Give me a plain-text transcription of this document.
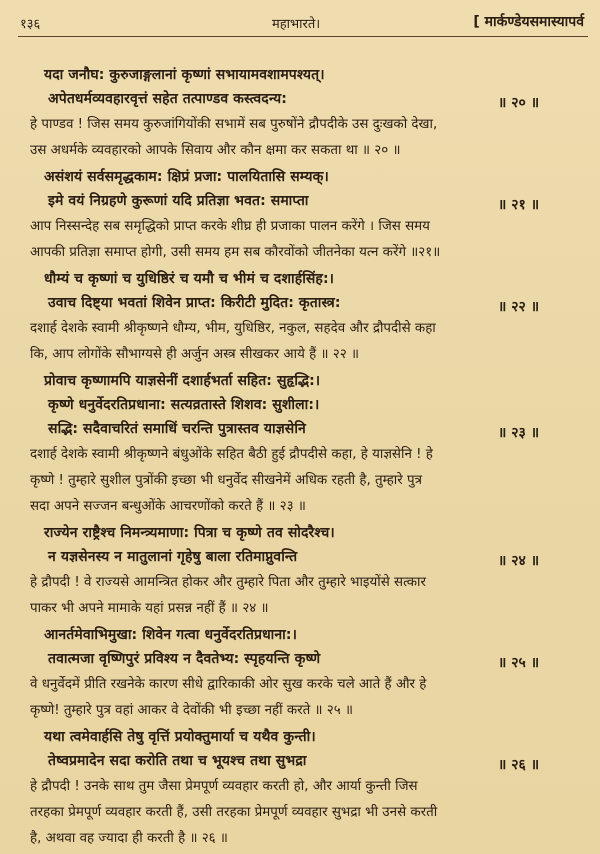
१३६	महाभारते।	[ मार्कण्डेयसमास्यापर्व
यदा जनौघ: कुरुजाङ्गलानां कृष्णां सभायामवशामपश्यत्।
अपेतधर्मव्यवहारवृत्तं सहेत तत्पाण्डव कस्त्वदन्य:	॥ २० ॥
हे पाण्डव ! जिस समय कुरुजांगियोंकी सभामें सब पुरुषोंने द्रौपदीके उस दुःखको देखा,
उस अधर्मके व्यवहारको आपके सिवाय और कौन क्षमा कर सकता था ॥ २० ॥
असंशयं सर्वसमृद्धकाम: क्षिप्रं प्रजा: पालयितासि सम्यक्।
इमे वयं निग्रहणे कुरूणां यदि प्रतिज्ञा भवत: समाप्ता	॥ २१ ॥
आप निस्सन्देह सब समृद्धिको प्राप्त करके शीघ्र ही प्रजाका पालन करेंगे । जिस समय
आपकी प्रतिज्ञा समाप्त होगी, उसी समय हम सब कौरवोंको जीतनेका यत्न करेंगे ॥२१॥
धौम्यं च कृष्णां च युधिष्ठिरं च यमौ च भीमं च दशार्हसिंह:।
उवाच दिष्ट्या भवतां शिवेन प्राप्त: किरीटी मुदित: कृतास्त्र:	॥ २२ ॥
दशार्ह देशके स्वामी श्रीकृष्णने धौम्य, भीम, युधिष्ठिर, नकुल, सहदेव और द्रौपदीसे कहा
कि, आप लोगोंके सौभाग्यसे ही अर्जुन अस्त्र सीखकर आये हैं ॥ २२ ॥
प्रोवाच कृष्णामपि याज्ञसेनीं दशार्हभर्ता सहित: सुहृद्भि:।
कृष्णे धनुर्वेदरतिप्रधाना: सत्यव्रतास्ते शिशव: सुशीला:।
सद्भि: सदैवाचरितं समाधिं चरन्ति पुत्रास्तव याज्ञसेनि	॥ २३ ॥
दशार्ह देशके स्वामी श्रीकृष्णने बंधुओंके सहित बैठी हुई द्रौपदीसे कहा, हे याज्ञसेनि ! हे
कृष्णे ! तुम्हारे सुशील पुत्रोंकी इच्छा भी धनुर्वेद सीखनेमें अधिक रहती है, तुम्हारे पुत्र
सदा अपने सज्जन बन्धुओंके आचरणोंको करते हैं ॥ २३ ॥
राज्येन राष्ट्रैश्च निमन्त्र्यमाणा: पित्रा च कृष्णे तव सोदरैश्च।
न यज्ञसेनस्य न मातुलानां गृहेषु बाला रतिमाप्नुवन्ति	॥ २४ ॥
हे द्रौपदी ! वे राज्यसे आमन्त्रित होकर और तुम्हारे पिता और तुम्हारे भाइयोंसे सत्कार
पाकर भी अपने मामाके यहां प्रसन्न नहीं हैं ॥ २४ ॥
आनर्तमेवाभिमुखा: शिवेन गत्वा धनुर्वेदरतिप्रधाना:।
तवात्मजा वृष्णिपुरं प्रविश्य न दैवतेभ्य: स्पृहयन्ति कृष्णे	॥ २५ ॥
वे धनुर्वेदमें प्रीति रखनेके कारण सीधे द्वारिकाकी ओर सुख करके चले आते हैं और हे
कृष्णे! तुम्हारे पुत्र वहां आकर वे देवोंकी भी इच्छा नहीं करते ॥ २५ ॥
यथा त्वमेवार्हसि तेषु वृत्तिं प्रयोक्तुमार्या च यथैव कुन्ती।
तेष्वप्रमादेन सदा करोति तथा च भूयश्च तथा सुभद्रा	॥ २६ ॥
हे द्रौपदी ! उनके साथ तुम जैसा प्रेमपूर्ण व्यवहार करती हो, और आर्या कुन्ती जिस
तरहका प्रेमपूर्ण व्यवहार करती हैं, उसी तरहका प्रेमपूर्ण व्यवहार सुभद्रा भी उनसे करती
है, अथवा वह ज्यादा ही करती है ॥ २६ ॥
